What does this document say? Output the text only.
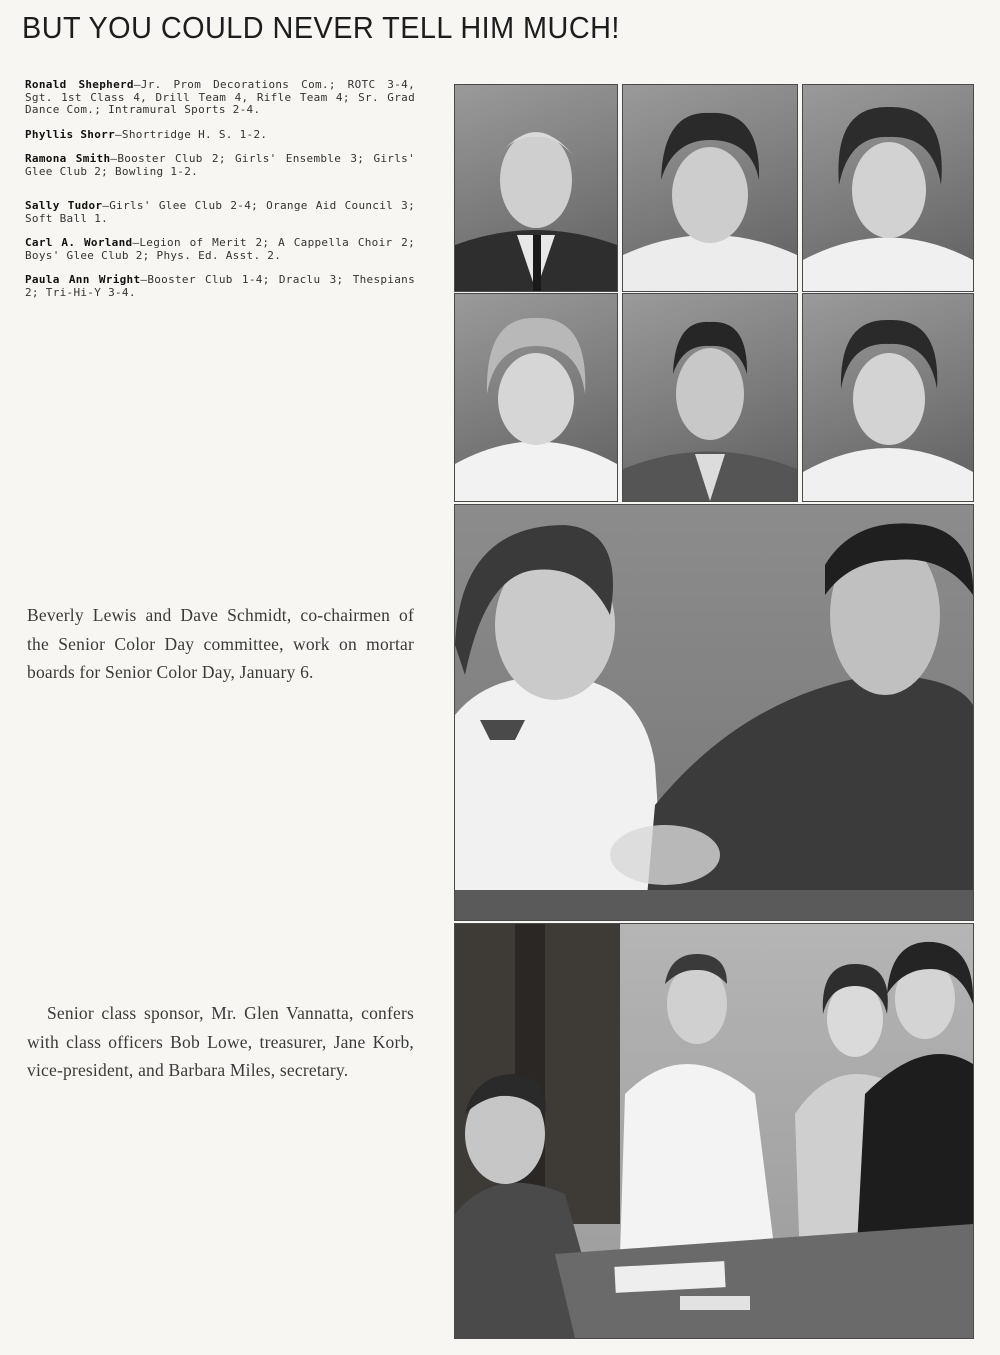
BUT YOU COULD NEVER TELL HIM MUCH!

Ronald Shepherd—Jr. Prom Decorations Com.; ROTC 3-4, Sgt. 1st Class 4, Drill Team 4, Rifle Team 4; Sr. Grad Dance Com.; Intramural Sports 2-4.

Phyllis Shorr—Shortridge H. S. 1-2.

Ramona Smith—Booster Club 2; Girls' Ensemble 3; Girls' Glee Club 2; Bowling 1-2.

Sally Tudor—Girls' Glee Club 2-4; Orange Aid Council 3; Soft Ball 1.

Carl A. Worland—Legion of Merit 2; A Cappella Choir 2; Boys' Glee Club 2; Phys. Ed. Asst. 2.

Paula Ann Wright—Booster Club 1-4; Draclu 3; Thespians 2; Tri-Hi-Y 3-4.

Beverly Lewis and Dave Schmidt, co-chairmen of the Senior Color Day committee, work on mortar boards for Senior Color Day, January 6.
Senior class sponsor, Mr. Glen Vannatta, confers with class officers Bob Lowe, treasurer, Jane Korb, vice-president, and Barbara Miles, secretary.
